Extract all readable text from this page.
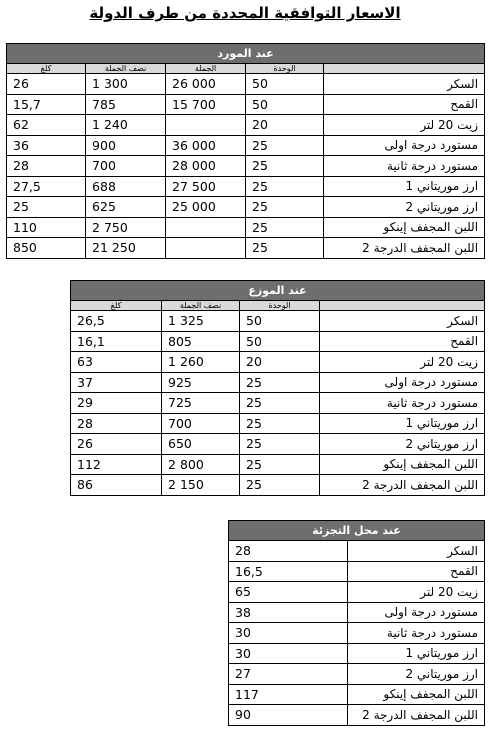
الاسعار التوافقية المحددة من طرف الدولة
عند المورد				
	الوحدة	الجملة	نصف الجملة	كلغ
السكر	50	26 000	1 300	26
القمح	50	15 700	785	15,7
زيت 20 لتر	20		1 240	62
مستورد درجة اولى	25	36 000	900	36
مستورد درجة ثانية	25	28 000	700	28
ارز موريتاني 1	25	27 500	688	27,5
ارز موريتاني 2	25	25 000	625	25
اللبن المجفف إينكو	25		2 750	110
اللبن المجفف الدرجة 2	25		21 250	850
عند الموزع			
	الوحدة	نصف الجملة	كلغ
السكر	50	1 325	26,5
القمح	50	805	16,1
زيت 20 لتر	20	1 260	63
مستورد درجة اولى	25	925	37
مستورد درجة ثانية	25	725	29
ارز موريتاني 1	25	700	28
ارز موريتاني 2	25	650	26
اللبن المجفف إينكو	25	2 800	112
اللبن المجفف الدرجة 2	25	2 150	86
عند محل التجزئة	
السكر	28
القمح	16,5
زيت 20 لتر	65
مستورد درجة اولى	38
مستورد درجة ثانية	30
ارز موريتاني 1	30
ارز موريتاني 2	27
اللبن المجفف إينكو	117
اللبن المجفف الدرجة 2	90
